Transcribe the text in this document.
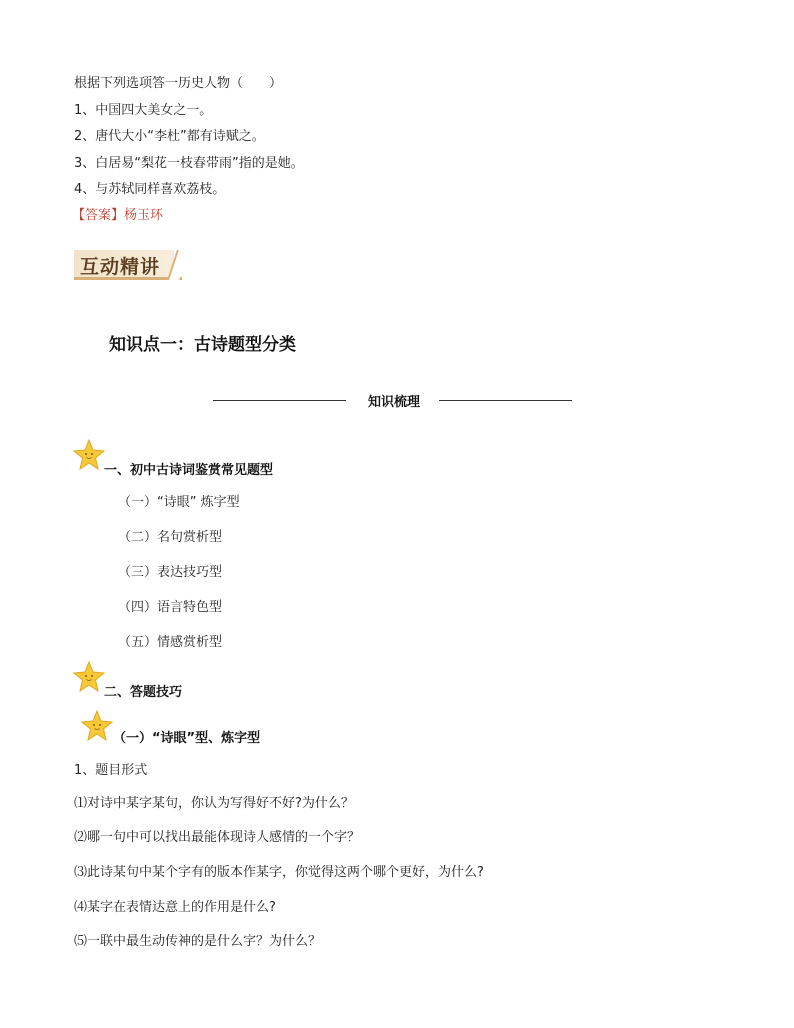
根据下列选项答一历史人物（　　）
1、中国四大美女之一。
2、唐代大小“李杜”都有诗赋之。
3、白居易“梨花一枝春带雨”指的是她。
4、与苏轼同样喜欢荔枝。
【答案】杨玉环
互动精讲
知识点一：古诗题型分类
知识梳理
一、初中古诗词鉴赏常见题型
（一）“诗眼” 炼字型
（二）名句赏析型
（三）表达技巧型
（四）语言特色型
（五）情感赏析型
二、答题技巧
（一）“诗眼”型、炼字型
1、题目形式
⑴对诗中某字某句，你认为写得好不好?为什么？
⑵哪一句中可以找出最能体现诗人感情的一个字？
⑶此诗某句中某个字有的版本作某字，你觉得这两个哪个更好，为什么?
⑷某字在表情达意上的作用是什么?
⑸一联中最生动传神的是什么字？为什么？
